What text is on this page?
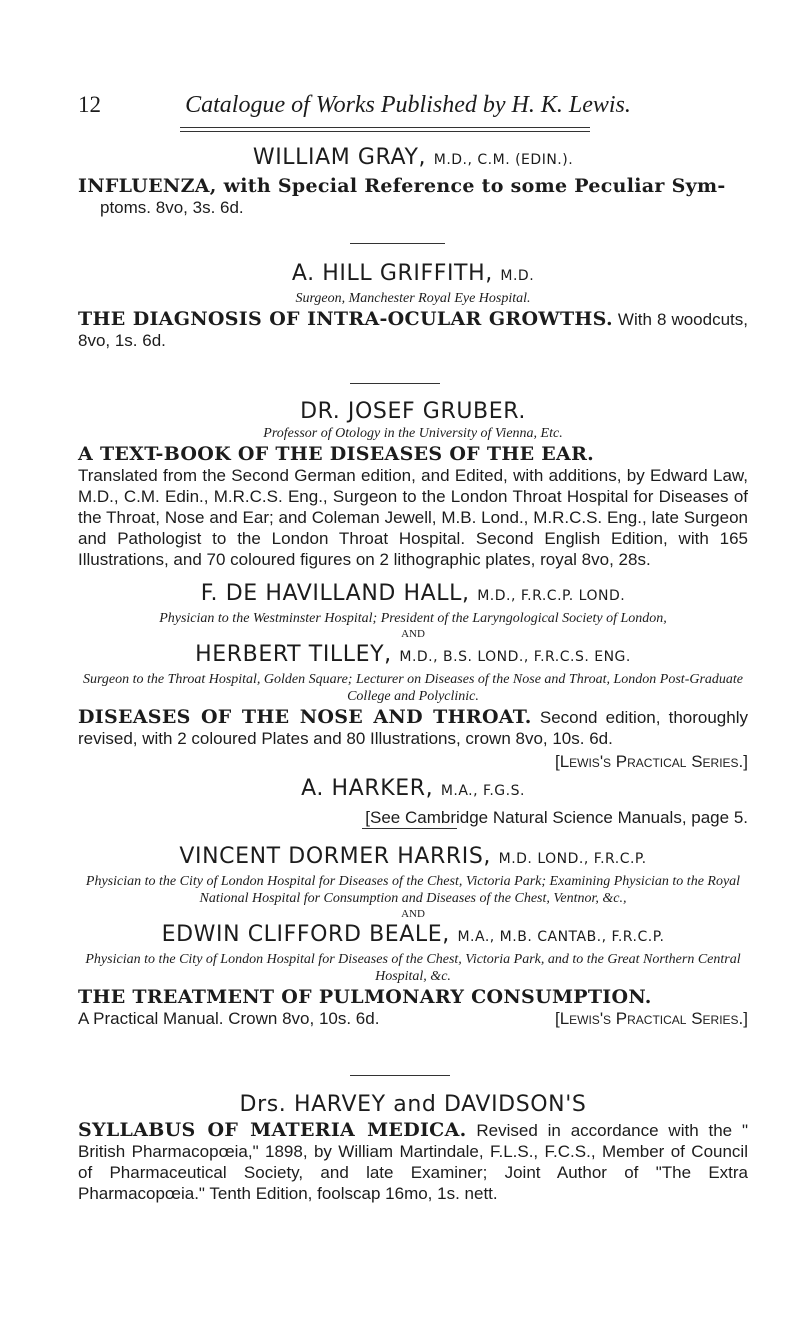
12	Catalogue of Works Published by H. K. Lewis.

WILLIAM GRAY, M.D., C.M. (EDIN.).

INFLUENZA, with Special Reference to some Peculiar Sym-
ptoms. 8vo, 3s. 6d.

A. HILL GRIFFITH, M.D.

Surgeon, Manchester Royal Eye Hospital.

THE DIAGNOSIS OF INTRA-OCULAR GROWTHS. With 8 woodcuts, 8vo, 1s. 6d.

DR. JOSEF GRUBER.

Professor of Otology in the University of Vienna, Etc.

A TEXT-BOOK OF THE DISEASES OF THE EAR.
Translated from the Second German edition, and Edited, with additions, by Edward Law, M.D., C.M. Edin., M.R.C.S. Eng., Surgeon to the London Throat Hospital for Diseases of the Throat, Nose and Ear; and Coleman Jewell, M.B. Lond., M.R.C.S. Eng., late Surgeon and Pathologist to the London Throat Hospital. Second English Edition, with 165 Illustrations, and 70 coloured figures on 2 lithographic plates, royal 8vo, 28s.

F. DE HAVILLAND HALL, M.D., F.R.C.P. LOND.

Physician to the Westminster Hospital; President of the Laryngological Society of London,

AND

HERBERT TILLEY, M.D., B.S. LOND., F.R.C.S. ENG.

Surgeon to the Throat Hospital, Golden Square; Lecturer on Diseases of the Nose and Throat, London Post-Graduate College and Polyclinic.

DISEASES OF THE NOSE AND THROAT. Second edition, thoroughly revised, with 2 coloured Plates and 80 Illustrations, crown 8vo, 10s. 6d.

[Lewis's Practical Series.]

A. HARKER, M.A., F.G.S.

[See Cambridge Natural Science Manuals, page 5.

VINCENT DORMER HARRIS, M.D. LOND., F.R.C.P.

Physician to the City of London Hospital for Diseases of the Chest, Victoria Park; Examining Physician to the Royal National Hospital for Consumption and Diseases of the Chest, Ventnor, &c.,

AND

EDWIN CLIFFORD BEALE, M.A., M.B. CANTAB., F.R.C.P.

Physician to the City of London Hospital for Diseases of the Chest, Victoria Park, and to the Great Northern Central Hospital, &c.

THE TREATMENT OF PULMONARY CONSUMPTION.
A Practical Manual. Crown 8vo, 10s. 6d.	[Lewis's Practical Series.]

Drs. HARVEY and DAVIDSON'S

SYLLABUS OF MATERIA MEDICA. Revised in accordance with the " British Pharmacopœia," 1898, by William Martindale, F.L.S., F.C.S., Member of Council of Pharmaceutical Society, and late Examiner; Joint Author of "The Extra Pharmacopœia." Tenth Edition, foolscap 16mo, 1s. nett.
